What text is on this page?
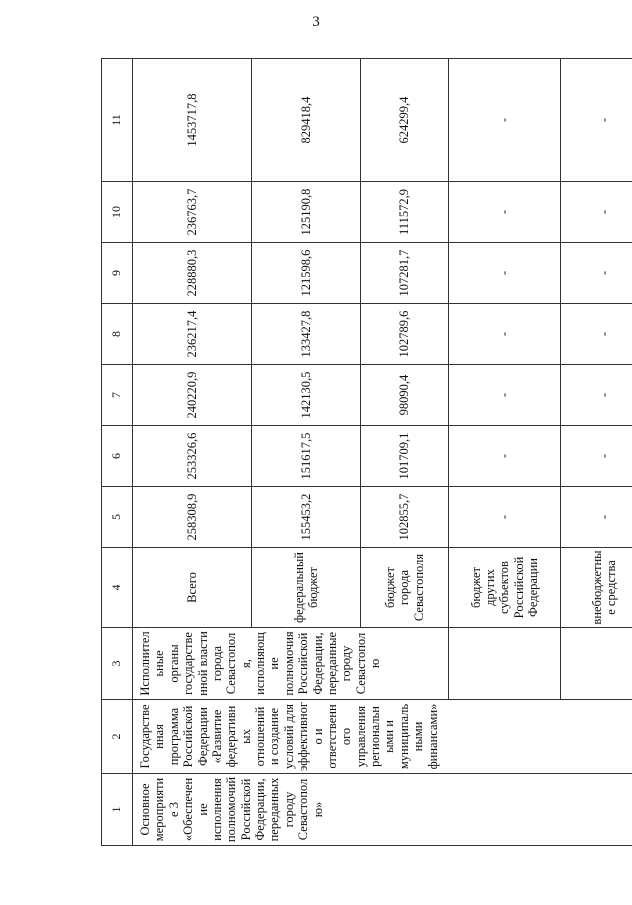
3
1	2	3	4	5	6	7	8	9	10	11
Основное мероприятие 3 «Обеспечение исполнения полномочий Российской Федерации, переданных городу Севастополю»	Государственная программа Российской Федерации «Развитие федеративных отношений и создание условий для эффективного и ответственного управления региональными и муниципальными финансами»	Исполнительные органы государственной власти города Севастополя, исполняющие полномочия Российской Федерации, переданные городу Севастополю	Всего	258308,9	253326,6	240220,9	236217,4	228880,3	236763,7	1453717,8
			федеральный бюджет	155453,2	151617,5	142130,5	133427,8	121598,6	125190,8	829418,4
			бюджет города Севастополя	102855,7	101709,1	98090,4	102789,6	107281,7	111572,9	624299,4
			бюджет других субъектов Российской Федерации	-	-	-	-	-	-	-
			внебюджетные средства	-	-	-	-	-	-	-
